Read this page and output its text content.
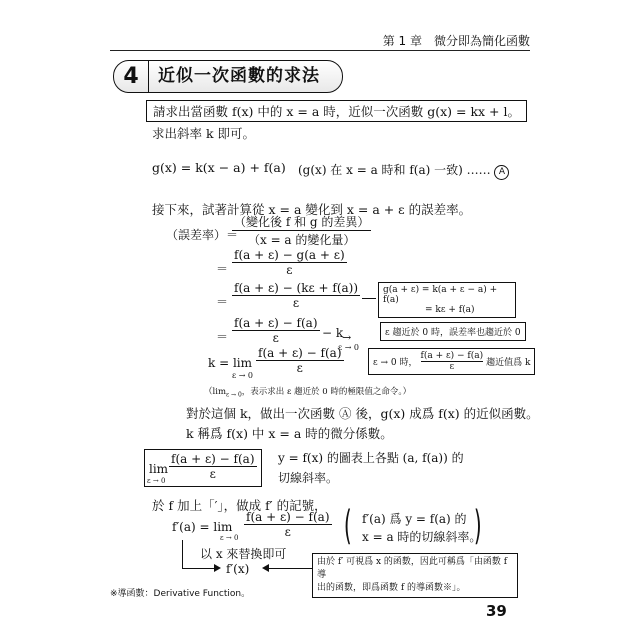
第 1 章　微分即為簡化函數
4	近似一次函數的求法
請求出當函數 f(x) 中的 x = a 時，近似一次函數 g(x) = kx + l。
求出斜率 k 即可。
g(x) = k(x − a) + f(a) (g(x) 在 x = a 時和 f(a) 一致) …… A
接下來，試著計算從 x = a 變化到 x = a + ε 的誤差率。
（誤差率）＝
（變化後 f 和 g 的差異）
（x = a 的變化量）
＝ $\frac{f(a + \varepsilon) - g(a + \varepsilon)}{\varepsilon}$
＝ $\frac{f(a + \varepsilon) - (k\varepsilon + f(a))}{\varepsilon}$	g(a + ε) = k(a + ε − a) + f(a)
= kε + f(a)
＝ $\frac{f(a + \varepsilon) - f(a)}{\varepsilon} - k$
→
ε → 0
ε 趨近於 0 時，誤差率也趨近於 0
k = lim
ε → 0
$\frac{f(a + \varepsilon) - f(a)}{\varepsilon}$	ε → 0 時， $\frac{f(a + \varepsilon) - f(a)}{\varepsilon}$ 趨近值爲 k
（$\lim_{\varepsilon \to 0}$，表示求出 ε 趨近於 0 時的極限值之命令。）
對於這個 k，做出一次函數 Ⓐ 後，g(x) 成爲 f(x) 的近似函數。
k 稱爲 f(x) 中 x = a 時的微分係數。
lim
$\varepsilon \to 0 \frac{f(a + \varepsilon) - f(a)}{\varepsilon}$ y = f(x) 的圖表上各點 (a, f(a)) 的
切線斜率。
於 f 加上「′」，做成 f′ 的記號，
f′(a) = lim
$\varepsilon \to 0 \frac{f(a + \varepsilon) - f(a)}{\varepsilon}$ ( f′(a) 爲 y = f(a) 的
x = a 時的切線斜率。
)
以 x 來替換即可
f′(x)	由於 f′ 可視爲 x 的函數，因此可稱爲「由函數 f 導
出的函數，即爲函數 f 的導函數※」。
※導函數：Derivative Function。
39
